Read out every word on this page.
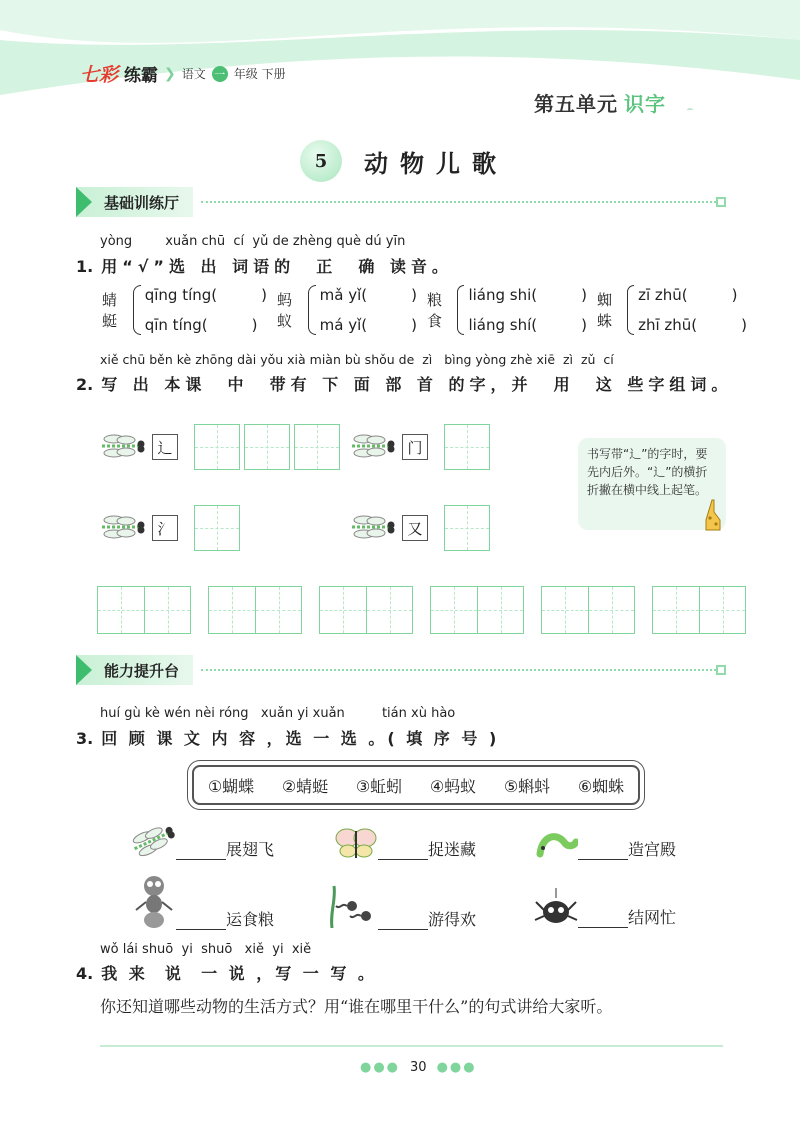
七彩 练霸 ❯ 语文 一 年级 下册
第五单元 识字
5	动物儿歌
基础训练厅
yòng        xuǎn chū  cí  yǔ de zhèng què dú yīn
1. 用“√”选 出 词语的  正  确 读音。
蜻蜓
qīng tíng(	)
qīn tíng(	)
蚂蚁
mǎ yǐ(	)
má yǐ(	)
粮食
liáng shi(	)
liáng shí(	)
蜘蛛
zī zhū(	)
zhī zhū(	)
xiě chū běn kè zhōng dài yǒu xià miàn bù shǒu de  zì   bìng yòng zhè xiē  zì  zǔ  cí
2. 写 出 本课  中  带有 下 面 部 首 的字，并  用  这 些字组词。
辶	门
氵	又
书写带“辶”的字时，要先内后外。“辶”的横折折撇在横中线上起笔。
能力提升台
huí gù kè wén nèi róng   xuǎn yi xuǎn         tián xù hào
3. 回 顾 课 文 内 容 ，选 一 选 。( 填 序 号 )
①蝴蝶 ②蜻蜓 ③蚯蚓 ④蚂蚁 ⑤蝌蚪 ⑥蜘蛛
展翅飞	捉迷藏	造宫殿
运食粮	游得欢	结网忙
wǒ lái shuō  yi  shuō   xiě  yi  xiě
4. 我 来  说  一 说 ，写 一 写 。
你还知道哪些动物的生活方式？用“谁在哪里干什么”的句式讲给大家听。
●●● 30 ●●●
